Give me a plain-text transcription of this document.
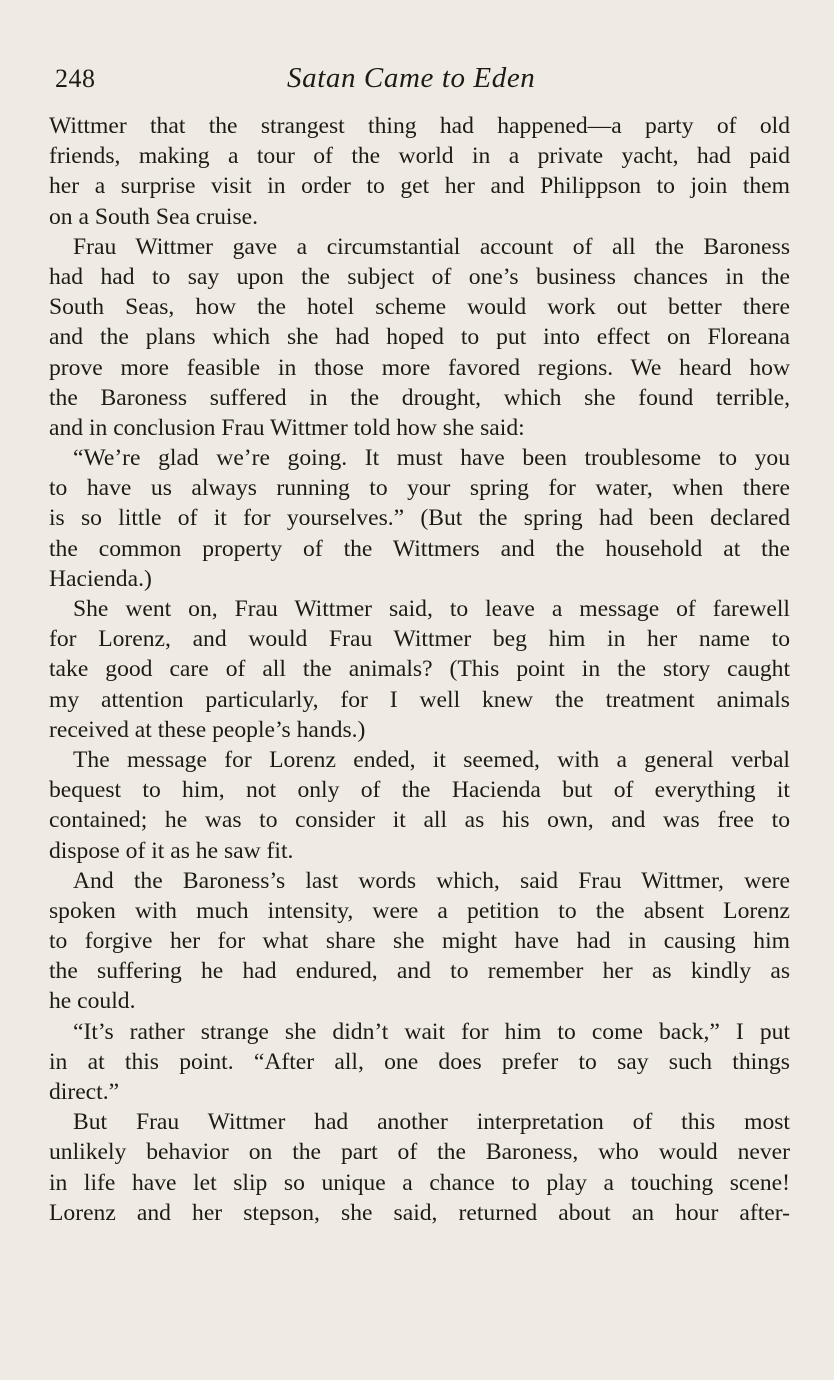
248	Satan Came to Eden
Wittmer that the strangest thing had happened—a party of old
friends, making a tour of the world in a private yacht, had paid
her a surprise visit in order to get her and Philippson to join them
on a South Sea cruise.
Frau Wittmer gave a circumstantial account of all the Baroness
had had to say upon the subject of one’s business chances in the
South Seas, how the hotel scheme would work out better there
and the plans which she had hoped to put into effect on Floreana
prove more feasible in those more favored regions. We heard how
the Baroness suffered in the drought, which she found terrible,
and in conclusion Frau Wittmer told how she said:
“We’re glad we’re going. It must have been troublesome to you
to have us always running to your spring for water, when there
is so little of it for yourselves.” (But the spring had been declared
the common property of the Wittmers and the household at the
Hacienda.)
She went on, Frau Wittmer said, to leave a message of farewell
for Lorenz, and would Frau Wittmer beg him in her name to
take good care of all the animals? (This point in the story caught
my attention particularly, for I well knew the treatment animals
received at these people’s hands.)
The message for Lorenz ended, it seemed, with a general verbal
bequest to him, not only of the Hacienda but of everything it
contained; he was to consider it all as his own, and was free to
dispose of it as he saw fit.
And the Baroness’s last words which, said Frau Wittmer, were
spoken with much intensity, were a petition to the absent Lorenz
to forgive her for what share she might have had in causing him
the suffering he had endured, and to remember her as kindly as
he could.
“It’s rather strange she didn’t wait for him to come back,” I put
in at this point. “After all, one does prefer to say such things
direct.”
But Frau Wittmer had another interpretation of this most
unlikely behavior on the part of the Baroness, who would never
in life have let slip so unique a chance to play a touching scene!
Lorenz and her stepson, she said, returned about an hour after-
